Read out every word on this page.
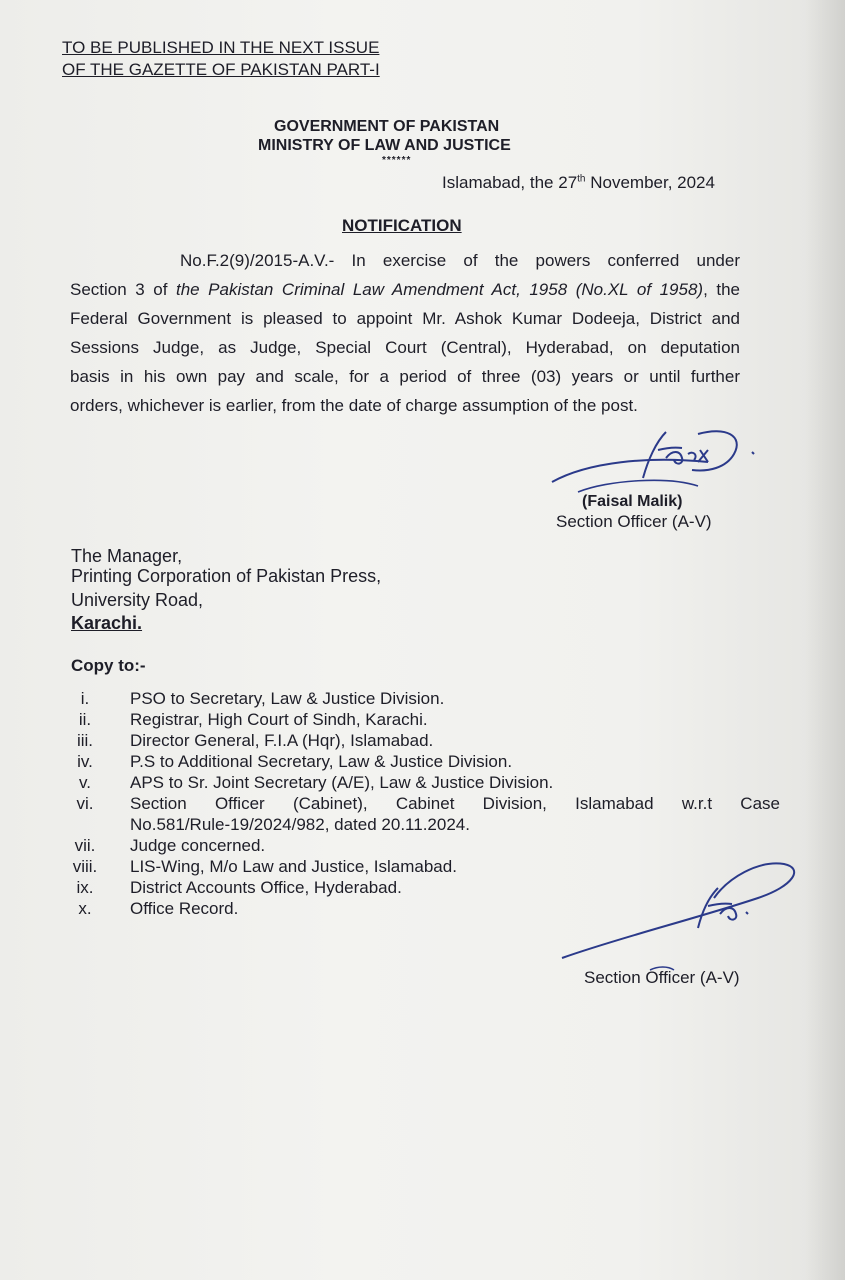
TO BE PUBLISHED IN THE NEXT ISSUE
OF THE GAZETTE OF PAKISTAN PART-I
GOVERNMENT OF PAKISTAN
MINISTRY OF LAW AND JUSTICE
******
Islamabad, the 27th November, 2024
NOTIFICATION
No.F.2(9)/2015-A.V.- In exercise of the powers conferred under
Section 3 of the Pakistan Criminal Law Amendment Act, 1958 (No.XL of 1958), the
Federal Government is pleased to appoint Mr. Ashok Kumar Dodeeja, District and
Sessions Judge, as Judge, Special Court (Central), Hyderabad, on deputation
basis in his own pay and scale, for a period of three (03) years or until further
orders, whichever is earlier, from the date of charge assumption of the post.
(Faisal Malik)
Section Officer (A-V)
The Manager,
Printing Corporation of Pakistan Press,
University Road,
Karachi.
Copy to:-
i.	PSO to Secretary, Law & Justice Division.
ii.	Registrar, High Court of Sindh, Karachi.
iii.	Director General, F.I.A (Hqr), Islamabad.
iv.	P.S to Additional Secretary, Law & Justice Division.
v.	APS to Sr. Joint Secretary (A/E), Law & Justice Division.
vi.	Section Officer (Cabinet), Cabinet Division, Islamabad w.r.t Case
No.581/Rule-19/2024/982, dated 20.11.2024.
vii.	Judge concerned.
viii.	LIS-Wing, M/o Law and Justice, Islamabad.
ix.	District Accounts Office, Hyderabad.
x.	Office Record.
Section Officer (A-V)
